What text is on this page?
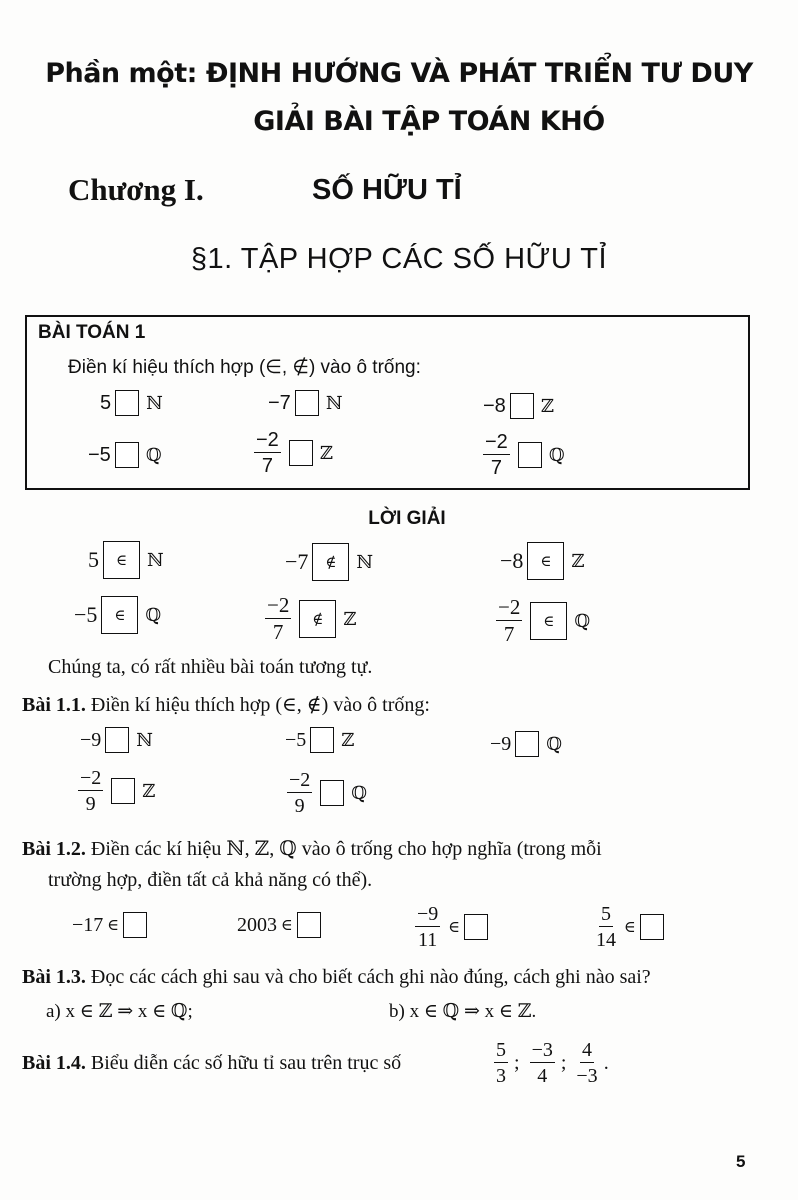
Phần một: ĐỊNH HƯỚNG VÀ PHÁT TRIỂN TƯ DUY
GIẢI BÀI TẬP TOÁN KHÓ
Chương I.	SỐ HỮU TỈ
§1. TẬP HỢP CÁC SỐ HỮU TỈ
BÀI TOÁN 1
Điền kí hiệu thích hợp (∈, ∉) vào ô trống:
5 ℕ	−7 ℕ	−8 ℤ
−5 ℚ	$\frac{-2}{7}$ ℤ	$\frac{-2}{7}$ ℚ
LỜI GIẢI
5	∈	ℕ	−7	∉	ℕ	−8	∈	ℤ
−5	∈	ℚ	$\frac{-2}{7}$	∉	ℤ	$\frac{-2}{7}$	∈	ℚ
Chúng ta, có rất nhiều bài toán tương tự.
Bài 1.1. Điền kí hiệu thích hợp (∈, ∉) vào ô trống:
−9 ℕ	−5 ℤ	−9 ℚ
$\frac{-2}{9}$ ℤ	$\frac{-2}{9}$ ℚ
Bài 1.2. Điền các kí hiệu ℕ, ℤ, ℚ vào ô trống cho hợp nghĩa (trong mỗi
trường hợp, điền tất cả khả năng có thể).
−17 ∈	2003 ∈	$\frac{-9}{11}$ ∈	$\frac{5}{14}$ ∈
Bài 1.3. Đọc các cách ghi sau và cho biết cách ghi nào đúng, cách ghi nào sai?
a) x ∈ ℤ ⇒ x ∈ ℚ;	b) x ∈ ℚ ⇒ x ∈ ℤ.
Bài 1.4. Biểu diễn các số hữu tỉ sau trên trục số	$\frac{5}{3}$ ; $\frac{-3}{4}$ ; $\frac{4}{-3}$ .
5
